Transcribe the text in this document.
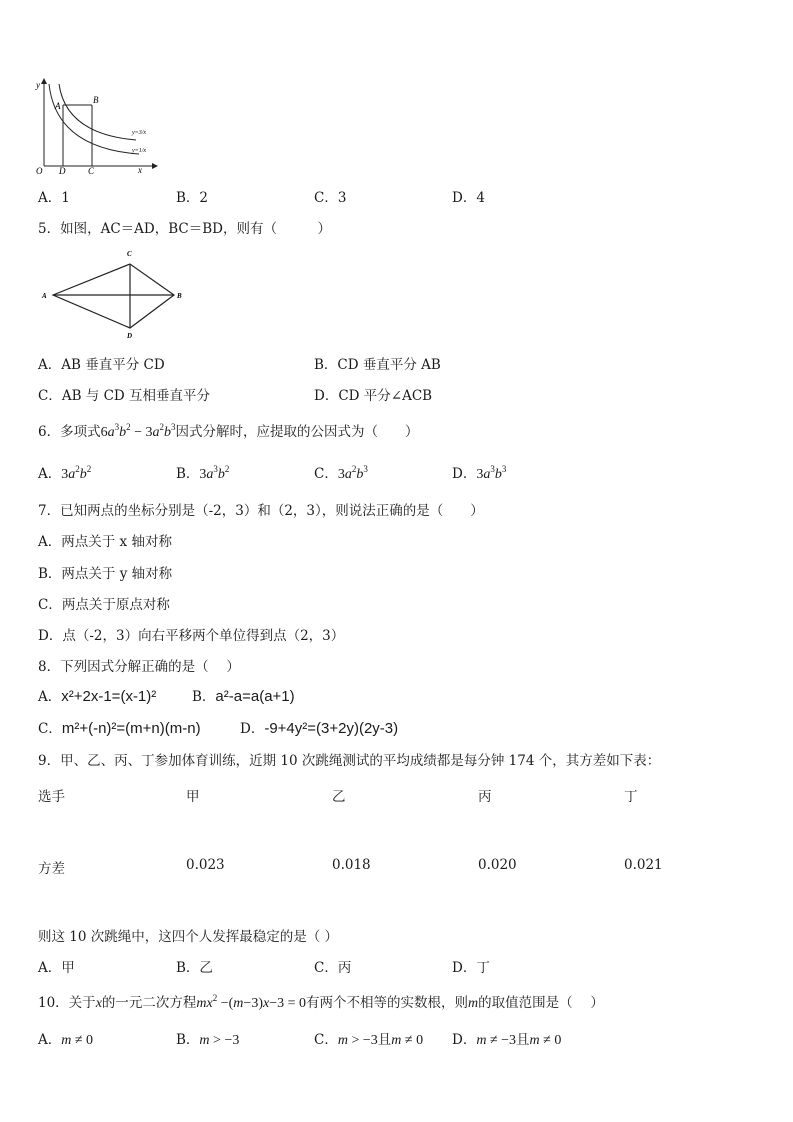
y
x
O
A
B
C
D
y=3/x
y=1/x
A．1	B．2	C．3	D．4
5．如图，AC＝AD，BC＝BD，则有（　　　）
A	B
C
D
A．AB 垂直平分 CD	B．CD 垂直平分 AB
C．AB 与 CD 互相垂直平分	D．CD 平分∠ACB
6．多项式$6a^3b^2 - 3a^2b^3$因式分解时，应提取的公因式为（　　）
A．$3a^2b^2$	B．$3a^3b^2$	C．$3a^2b^3$	D．$3a^3b^3$
7．已知两点的坐标分别是（-2，3）和（2，3），则说法正确的是（　　）
A．两点关于 x 轴对称
B．两点关于 y 轴对称
C．两点关于原点对称
D．点（-2，3）向右平移两个单位得到点（2，3）
8．下列因式分解正确的是（　 ）
A．x²+2x-1=(x-1)²	B．a²-a=a(a+1)
C．m²+(-n)²=(m+n)(m-n)	D．-9+4y²=(3+2y)(2y-3)
9．甲、乙、丙、丁参加体育训练，近期 10 次跳绳测试的平均成绩都是每分钟 174 个，其方差如下表：
选手	甲	乙	丙	丁
方差	0.023	0.018	0.020	0.021
则这 10 次跳绳中，这四个人发挥最稳定的是（ ）
A．甲	B．乙	C．丙	D．丁
10．关于x的一元二次方程$mx^2 -(m-3)x-3 = 0$有两个不相等的实数根，则m的取值范围是（　 ）
A．m ≠ 0	B．m > −3	C．m > −3且m ≠ 0 D．m ≠ −3且m ≠ 0
